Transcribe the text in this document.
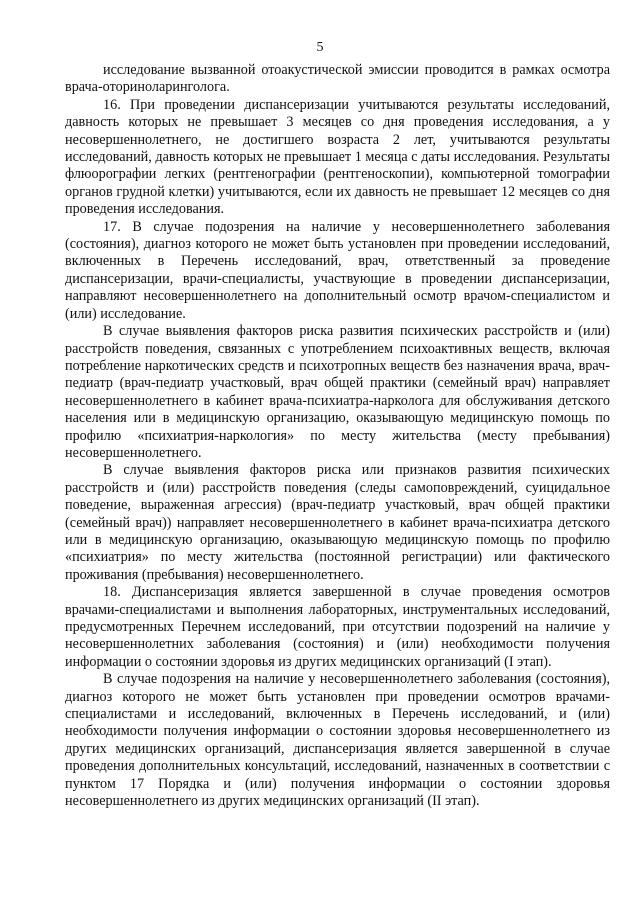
5

исследование вызванной отоакустической эмиссии проводится в рамках осмотра врача-оториноларинголога.

16. При проведении диспансеризации учитываются результаты исследований, давность которых не превышает 3 месяцев со дня проведения исследования, а у несовершеннолетнего, не достигшего возраста 2 лет, учитываются результаты исследований, давность которых не превышает 1 месяца с даты исследования. Результаты флюорографии легких (рентгенографии (рентгеноскопии), компьютерной томографии органов грудной клетки) учитываются, если их давность не превышает 12 месяцев со дня проведения исследования.

17. В случае подозрения на наличие у несовершеннолетнего заболевания (состояния), диагноз которого не может быть установлен при проведении исследований, включенных в Перечень исследований, врач, ответственный за проведение диспансеризации, врачи-специалисты, участвующие в проведении диспансеризации, направляют несовершеннолетнего на дополнительный осмотр врачом-специалистом и (или) исследование.

В случае выявления факторов риска развития психических расстройств и (или) расстройств поведения, связанных с употреблением психоактивных веществ, включая потребление наркотических средств и психотропных веществ без назначения врача, врач-педиатр (врач-педиатр участковый, врач общей практики (семейный врач) направляет несовершеннолетнего в кабинет врача-психиатра-нарколога для обслуживания детского населения или в медицинскую организацию, оказывающую медицинскую помощь по профилю «психиатрия-наркология» по месту жительства (месту пребывания) несовершеннолетнего.

В случае выявления факторов риска или признаков развития психических расстройств и (или) расстройств поведения (следы самоповреждений, суицидальное поведение, выраженная агрессия) (врач-педиатр участковый, врач общей практики (семейный врач)) направляет несовершеннолетнего в кабинет врача-психиатра детского или в медицинскую организацию, оказывающую медицинскую помощь по профилю «психиатрия» по месту жительства (постоянной регистрации) или фактического проживания (пребывания) несовершеннолетнего.

18. Диспансеризация является завершенной в случае проведения осмотров врачами-специалистами и выполнения лабораторных, инструментальных исследований, предусмотренных Перечнем исследований, при отсутствии подозрений на наличие у несовершеннолетних заболевания (состояния) и (или) необходимости получения информации о состоянии здоровья из других медицинских организаций (I этап).

В случае подозрения на наличие у несовершеннолетнего заболевания (состояния), диагноз которого не может быть установлен при проведении осмотров врачами-специалистами и исследований, включенных в Перечень исследований, и (или) необходимости получения информации о состоянии здоровья несовершеннолетнего из других медицинских организаций, диспансеризация является завершенной в случае проведения дополнительных консультаций, исследований, назначенных в соответствии с пунктом 17 Порядка и (или) получения информации о состоянии здоровья несовершеннолетнего из других медицинских организаций (II этап).
